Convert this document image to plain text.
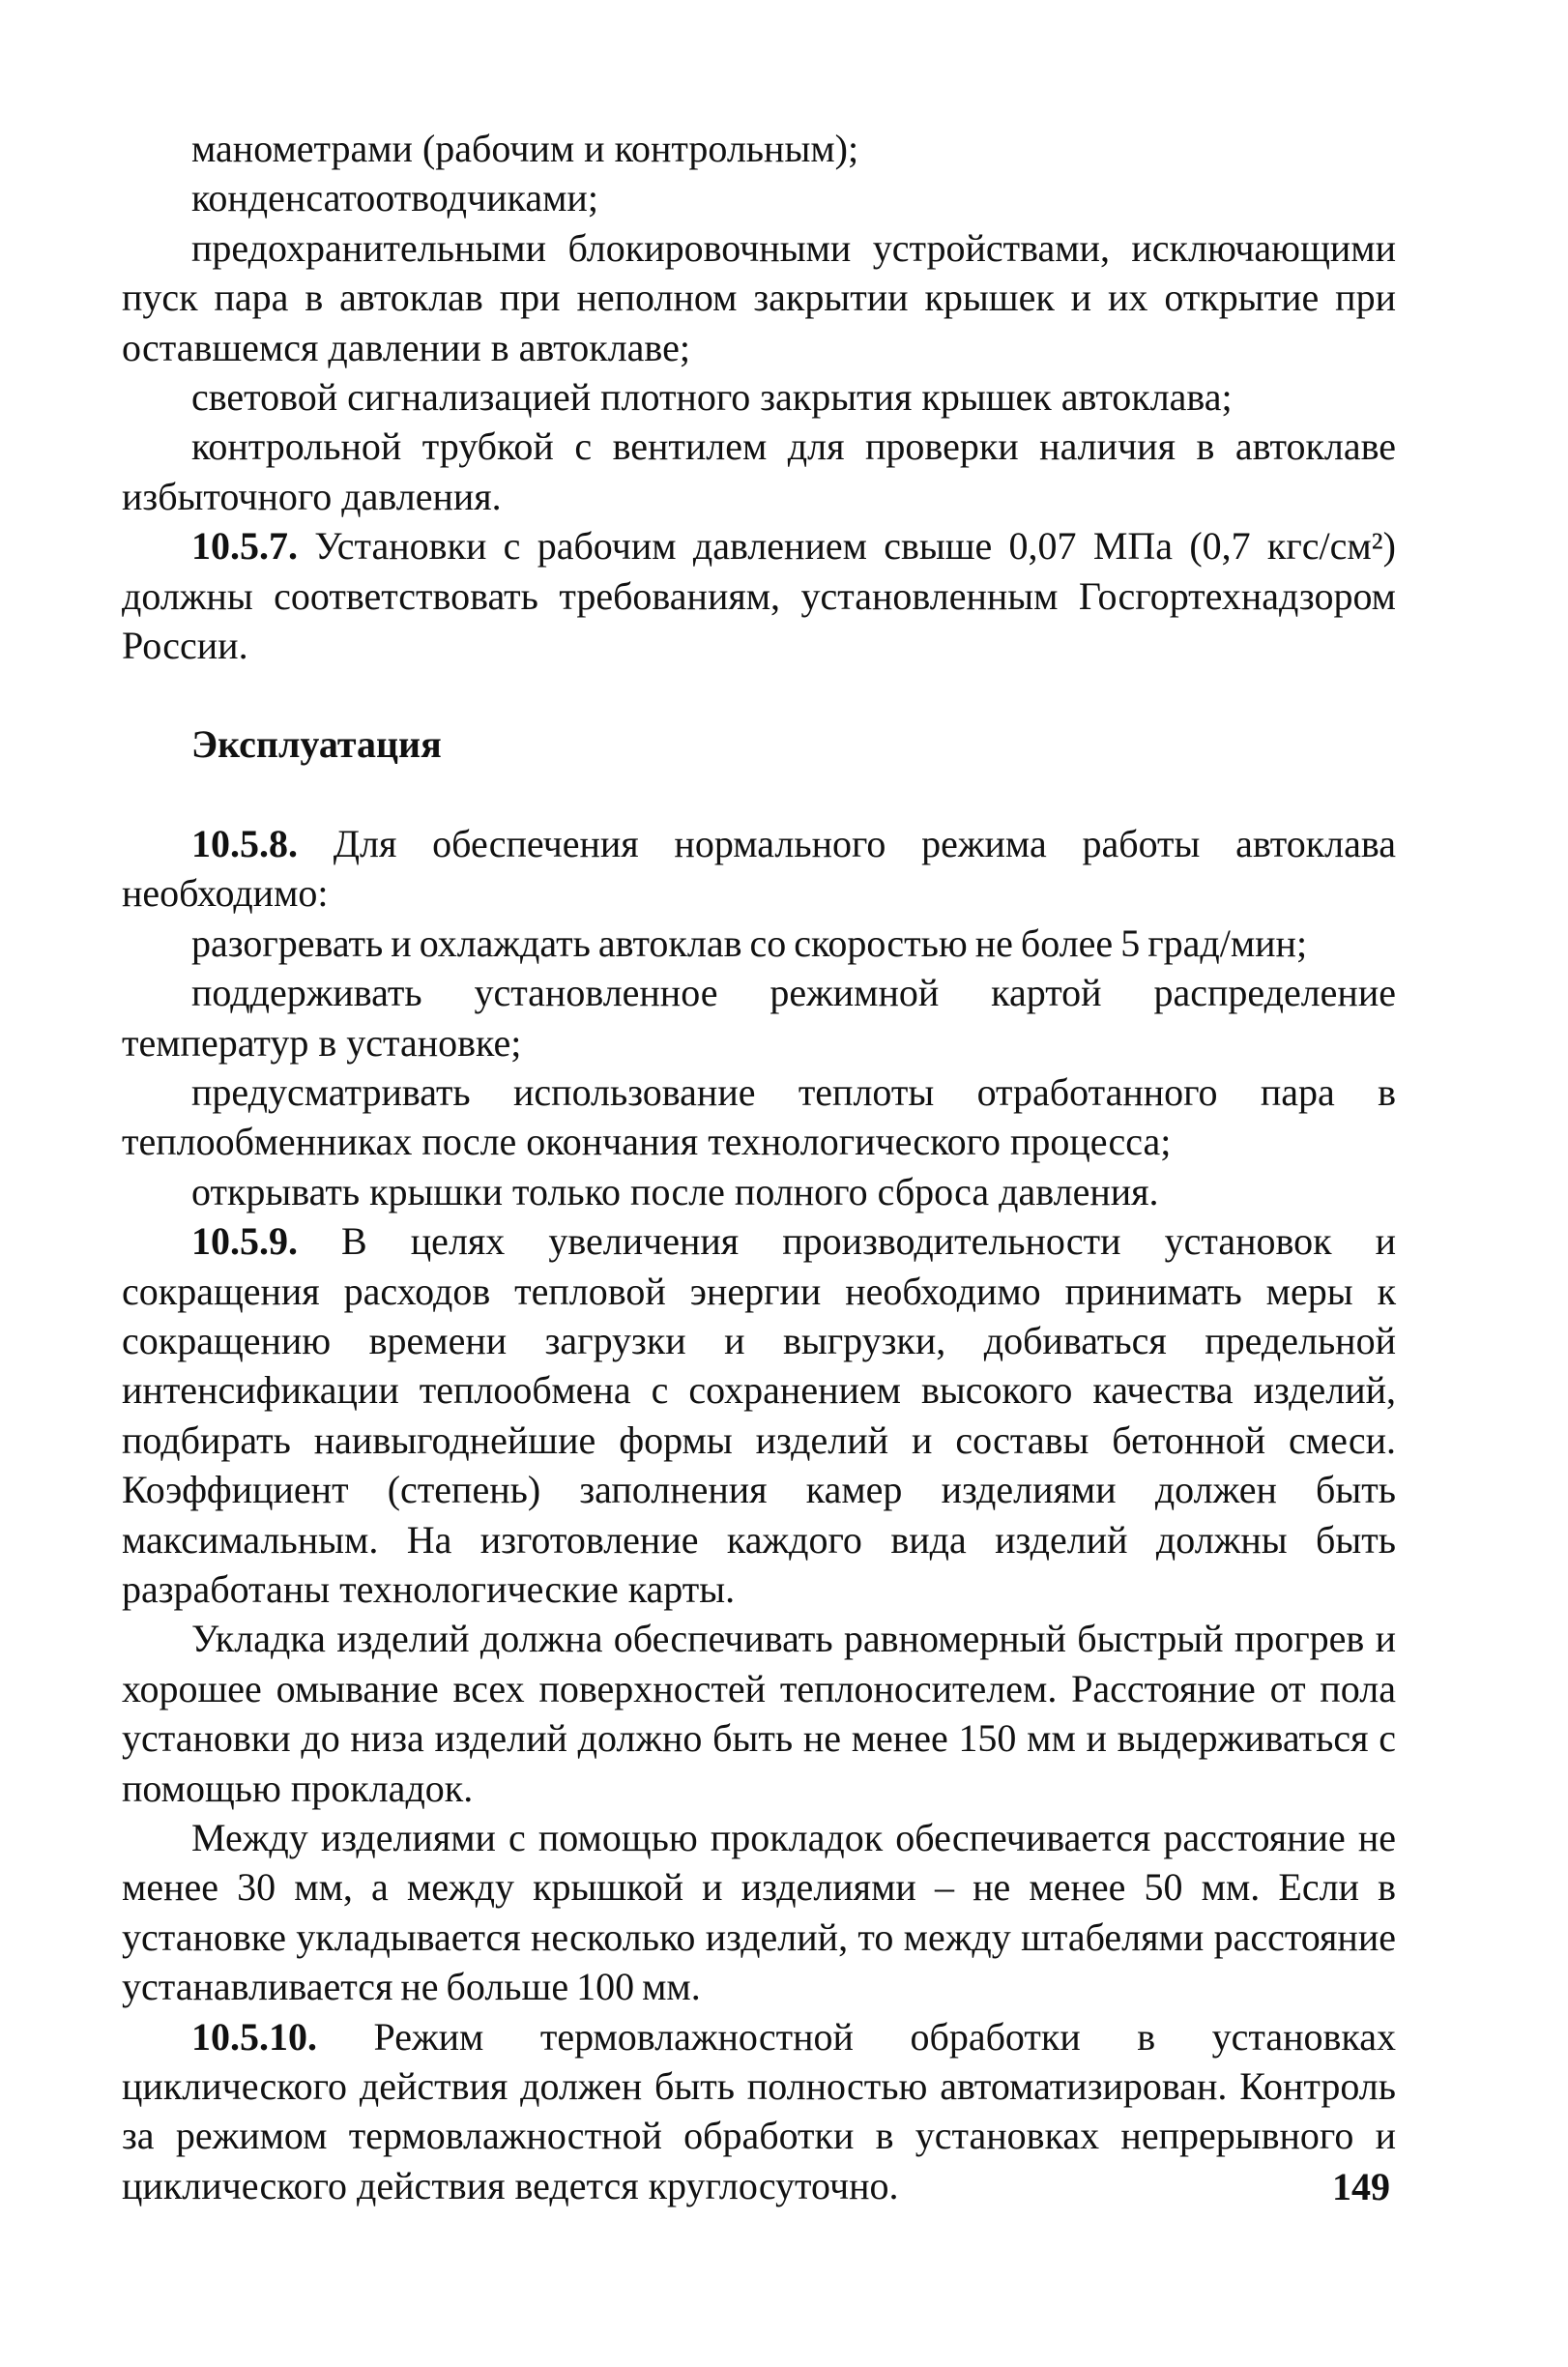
манометрами (рабочим и контрольным);

конденсатоотводчиками;

предохранительными блокировочными устройствами, исключающими пуск пара в автоклав при неполном закрытии крышек и их открытие при оставшемся давлении в автоклаве;

световой сигнализацией плотного закрытия крышек автоклава;

контрольной трубкой с вентилем для проверки наличия в автоклаве избыточного давления.

10.5.7. Установки с рабочим давлением свыше 0,07 МПа (0,7 кгс/см²) должны соответствовать требованиям, установленным Госгортехнадзором России.

Эксплуатация

10.5.8. Для обеспечения нормального режима работы автоклава необходимо:

разогревать и охлаждать автоклав со скоростью не более 5 град/мин;

поддерживать установленное режимной картой распределение температур в установке;

предусматривать использование теплоты отработанного пара в теплообменниках после окончания технологического процесса;

открывать крышки только после полного сброса давления.

10.5.9. В целях увеличения производительности установок и сокращения расходов тепловой энергии необходимо принимать меры к сокращению времени загрузки и выгрузки, добиваться предельной интенсификации теплообмена с сохранением высокого качества изделий, подбирать наивыгоднейшие формы изделий и составы бетонной смеси. Коэффициент (степень) заполнения камер изделиями должен быть максимальным. На изготовление каждого вида изделий должны быть разработаны технологические карты.

Укладка изделий должна обеспечивать равномерный быстрый прогрев и хорошее омывание всех поверхностей теплоносителем. Расстояние от пола установки до низа изделий должно быть не менее 150 мм и выдерживаться с помощью прокладок.

Между изделиями с помощью прокладок обеспечивается расстояние не менее 30 мм, а между крышкой и изделиями – не менее 50 мм. Если в установке укладывается несколько изделий, то между штабелями расстояние устанавливается не больше 100 мм.

10.5.10. Режим термовлажностной обработки в установках циклического действия должен быть полностью автоматизирован. Контроль за режимом термовлажностной обработки в установках непрерывного и циклического действия ведется круглосуточно.	149
